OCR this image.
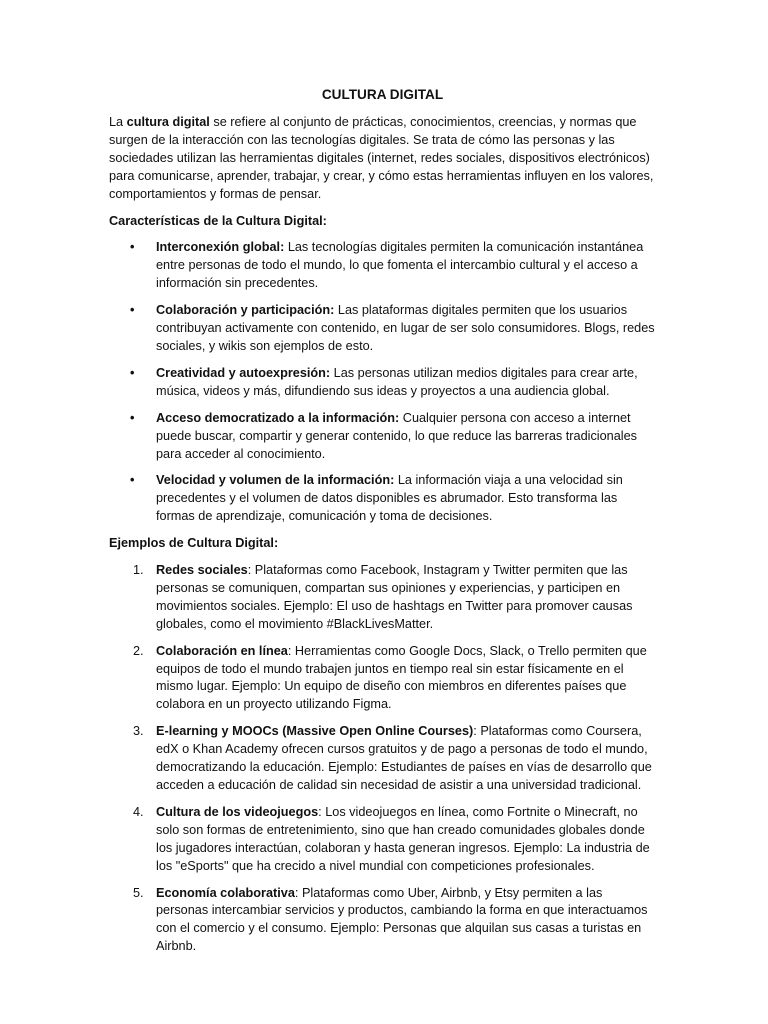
CULTURA DIGITAL

La cultura digital se refiere al conjunto de prácticas, conocimientos, creencias, y normas que surgen de la interacción con las tecnologías digitales. Se trata de cómo las personas y las sociedades utilizan las herramientas digitales (internet, redes sociales, dispositivos electrónicos) para comunicarse, aprender, trabajar, y crear, y cómo estas herramientas influyen en los valores, comportamientos y formas de pensar.

Características de la Cultura Digital:

• Interconexión global: Las tecnologías digitales permiten la comunicación instantánea entre personas de todo el mundo, lo que fomenta el intercambio cultural y el acceso a información sin precedentes.
• Colaboración y participación: Las plataformas digitales permiten que los usuarios contribuyan activamente con contenido, en lugar de ser solo consumidores. Blogs, redes sociales, y wikis son ejemplos de esto.
• Creatividad y autoexpresión: Las personas utilizan medios digitales para crear arte, música, videos y más, difundiendo sus ideas y proyectos a una audiencia global.
• Acceso democratizado a la información: Cualquier persona con acceso a internet puede buscar, compartir y generar contenido, lo que reduce las barreras tradicionales para acceder al conocimiento.
• Velocidad y volumen de la información: La información viaja a una velocidad sin precedentes y el volumen de datos disponibles es abrumador. Esto transforma las formas de aprendizaje, comunicación y toma de decisiones.

Ejemplos de Cultura Digital:

1. Redes sociales: Plataformas como Facebook, Instagram y Twitter permiten que las personas se comuniquen, compartan sus opiniones y experiencias, y participen en movimientos sociales. Ejemplo: El uso de hashtags en Twitter para promover causas globales, como el movimiento #BlackLivesMatter.
2. Colaboración en línea: Herramientas como Google Docs, Slack, o Trello permiten que equipos de todo el mundo trabajen juntos en tiempo real sin estar físicamente en el mismo lugar. Ejemplo: Un equipo de diseño con miembros en diferentes países que colabora en un proyecto utilizando Figma.
3. E-learning y MOOCs (Massive Open Online Courses): Plataformas como Coursera, edX o Khan Academy ofrecen cursos gratuitos y de pago a personas de todo el mundo, democratizando la educación. Ejemplo: Estudiantes de países en vías de desarrollo que acceden a educación de calidad sin necesidad de asistir a una universidad tradicional.
4. Cultura de los videojuegos: Los videojuegos en línea, como Fortnite o Minecraft, no solo son formas de entretenimiento, sino que han creado comunidades globales donde los jugadores interactúan, colaboran y hasta generan ingresos. Ejemplo: La industria de los "eSports" que ha crecido a nivel mundial con competiciones profesionales.
5. Economía colaborativa: Plataformas como Uber, Airbnb, y Etsy permiten a las personas intercambiar servicios y productos, cambiando la forma en que interactuamos con el comercio y el consumo. Ejemplo: Personas que alquilan sus casas a turistas en Airbnb.
